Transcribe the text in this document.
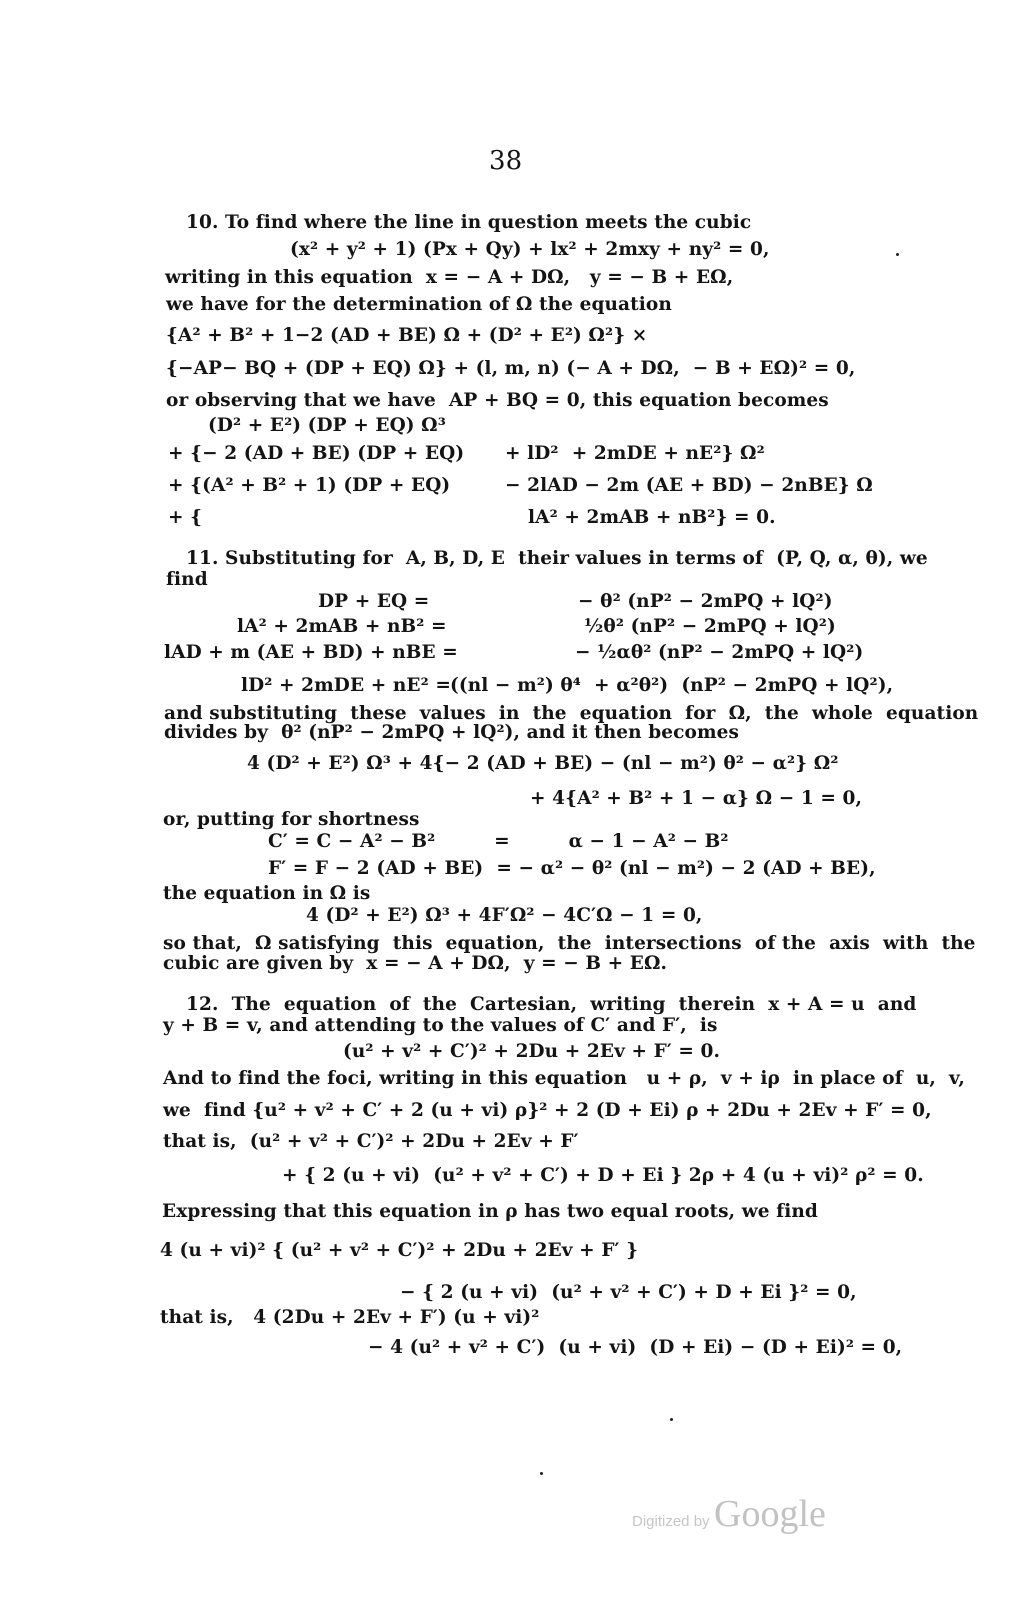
38
10. To find where the line in question meets the cubic
(x² + y² + 1) (Px + Qy) + lx² + 2mxy + ny² = 0,
writing in this equation  x = − A + DΩ,   y = − B + EΩ,
we have for the determination of Ω the equation
{A² + B² + 1−2 (AD + BE) Ω + (D² + E²) Ω²} ×
{−AP− BQ + (DP + EQ) Ω} + (l, m, n) (− A + DΩ,  − B + EΩ)² = 0,
or observing that we have  AP + BQ = 0, this equation becomes
(D² + E²) (DP + EQ) Ω³
+ {− 2 (AD + BE) (DP + EQ) + lD²  + 2mDE + nE²} Ω²
+ {(A² + B² + 1) (DP + EQ)	− 2lAD − 2m (AE + BD) − 2nBE} Ω
+ {	lA² + 2mAB + nB²} = 0.
11. Substituting for  A, B, D, E  their values in terms of  (P, Q, α, θ), we
find
DP + EQ =	− θ² (nP² − 2mPQ + lQ²)
lA² + 2mAB + nB² =	½θ² (nP² − 2mPQ + lQ²)
lAD + m (AE + BD) + nBE =	− ½αθ² (nP² − 2mPQ + lQ²)
lD² + 2mDE + nE² = ((nl − m²) θ⁴  + α²θ²)  (nP² − 2mPQ + lQ²),
and substituting  these  values  in  the  equation  for  Ω,  the  whole  equation
divides by  θ² (nP² − 2mPQ + lQ²), and it then becomes
4 (D² + E²) Ω³ + 4{− 2 (AD + BE) − (nl − m²) θ² − α²} Ω²
+ 4{A² + B² + 1 − α} Ω − 1 = 0,
or, putting for shortness
C′ = C − A² − B²         =         α − 1 − A² − B²
F′ = F − 2 (AD + BE)  = − α² − θ² (nl − m²) − 2 (AD + BE),
the equation in Ω is
4 (D² + E²) Ω³ + 4F′Ω² − 4C′Ω − 1 = 0,
so that,  Ω satisfying  this  equation,  the  intersections  of the  axis  with  the
cubic are given by  x = − A + DΩ,  y = − B + EΩ.
12.  The  equation  of  the  Cartesian,  writing  therein  x + A = u  and
y + B = v, and attending to the values of C′ and F′,  is
(u² + v² + C′)² + 2Du + 2Ev + F′ = 0.
And to find the foci, writing in this equation   u + ρ,  v + iρ  in place of  u,  v,
we  find {u² + v² + C′ + 2 (u + vi) ρ}² + 2 (D + Ei) ρ + 2Du + 2Ev + F′ = 0,
that is,  (u² + v² + C′)² + 2Du + 2Ev + F′
+ { 2 (u + vi)  (u² + v² + C′) + D + Ei } 2ρ + 4 (u + vi)² ρ² = 0.
Expressing that this equation in ρ has two equal roots, we find
4 (u + vi)² { (u² + v² + C′)² + 2Du + 2Ev + F′ }
− { 2 (u + vi)  (u² + v² + C′) + D + Ei }² = 0,
that is,   4 (2Du + 2Ev + F′) (u + vi)²
− 4 (u² + v² + C′)  (u + vi)  (D + Ei) − (D + Ei)² = 0,
Digitized by Google
